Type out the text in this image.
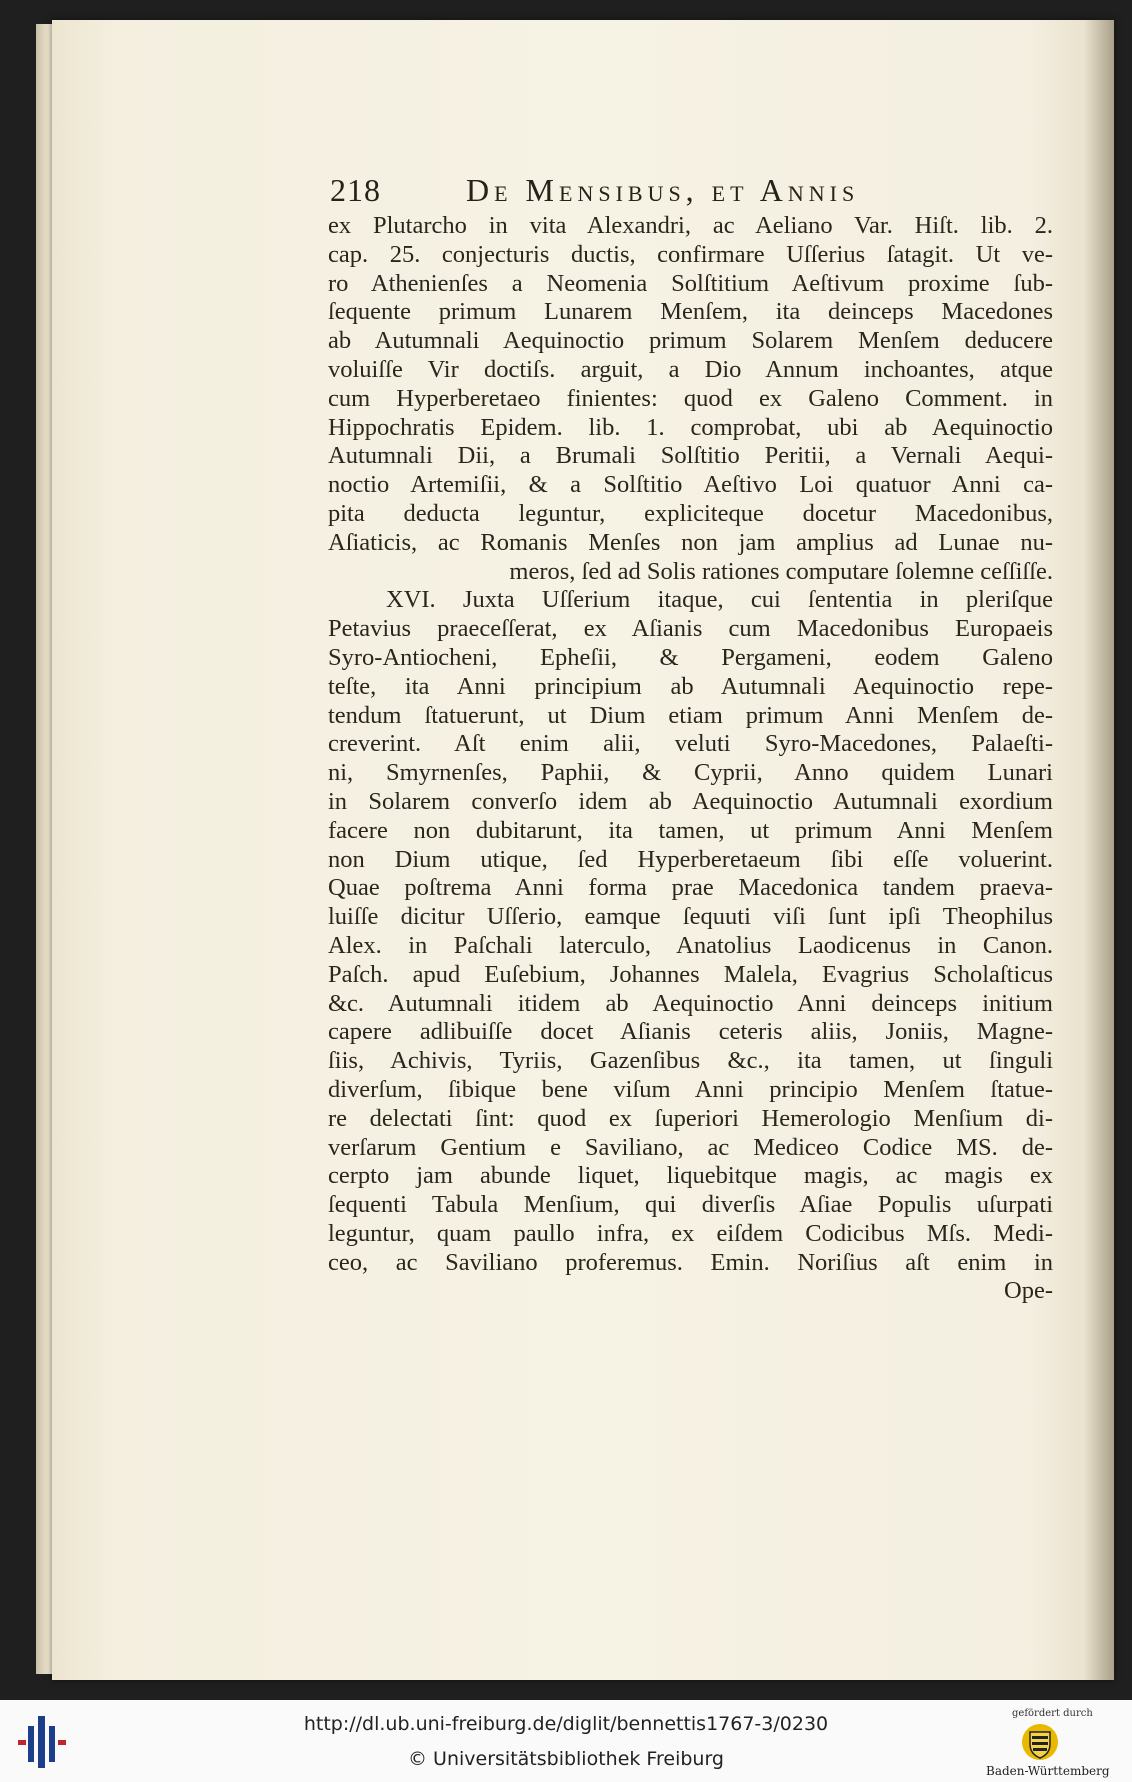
218	De Mensibus, et Annis
ex Plutarcho in vita Alexandri, ac Aeliano Var. Hiſt. lib. 2.
cap. 25. conjecturis ductis, confirmare Uſſerius ſatagit. Ut ve-
ro Athenienſes a Neomenia Solſtitium Aeſtivum proxime ſub-
ſequente primum Lunarem Menſem, ita deinceps Macedones
ab Autumnali Aequinoctio primum Solarem Menſem deducere
voluiſſe Vir doctiſs. arguit, a Dio Annum inchoantes, atque
cum Hyperberetaeo finientes: quod ex Galeno Comment. in
Hippochratis Epidem. lib. 1. comprobat, ubi ab Aequinoctio
Autumnali Dii, a Brumali Solſtitio Peritii, a Vernali Aequi-
noctio Artemiſii, & a Solſtitio Aeſtivo Loi quatuor Anni ca-
pita deducta leguntur, expliciteque docetur Macedonibus,
Aſiaticis, ac Romanis Menſes non jam amplius ad Lunae nu-
meros, ſed ad Solis rationes computare ſolemne ceſſiſſe.
XVI. Juxta Uſſerium itaque, cui ſententia in pleriſque
Petavius praeceſſerat, ex Aſianis cum Macedonibus Europaeis
Syro-Antiocheni, Epheſii, & Pergameni, eodem Galeno
teſte, ita Anni principium ab Autumnali Aequinoctio repe-
tendum ſtatuerunt, ut Dium etiam primum Anni Menſem de-
creverint. Aſt enim alii, veluti Syro-Macedones, Palaeſti-
ni, Smyrnenſes, Paphii, & Cyprii, Anno quidem Lunari
in Solarem converſo idem ab Aequinoctio Autumnali exordium
facere non dubitarunt, ita tamen, ut primum Anni Menſem
non Dium utique, ſed Hyperberetaeum ſibi eſſe voluerint.
Quae poſtrema Anni forma prae Macedonica tandem praeva-
luiſſe dicitur Uſſerio, eamque ſequuti viſi ſunt ipſi Theophilus
Alex. in Paſchali laterculo, Anatolius Laodicenus in Canon.
Paſch. apud Euſebium, Johannes Malela, Evagrius Scholaſticus
&c. Autumnali itidem ab Aequinoctio Anni deinceps initium
capere adlibuiſſe docet Aſianis ceteris aliis, Joniis, Magne-
ſiis, Achivis, Tyriis, Gazenſibus &c., ita tamen, ut ſinguli
diverſum, ſibique bene viſum Anni principio Menſem ſtatue-
re delectati ſint: quod ex ſuperiori Hemerologio Menſium di-
verſarum Gentium e Saviliano, ac Mediceo Codice MS. de-
cerpto jam abunde liquet, liquebitque magis, ac magis ex
ſequenti Tabula Menſium, qui diverſis Aſiae Populis uſurpati
leguntur, quam paullo infra, ex eiſdem Codicibus Mſs. Medi-
ceo, ac Saviliano proferemus. Emin. Noriſius aſt enim in
Ope-
http://dl.ub.uni-freiburg.de/diglit/bennettis1767-3/0230
© Universitätsbibliothek Freiburg
gefördert durch
Baden-Württemberg
